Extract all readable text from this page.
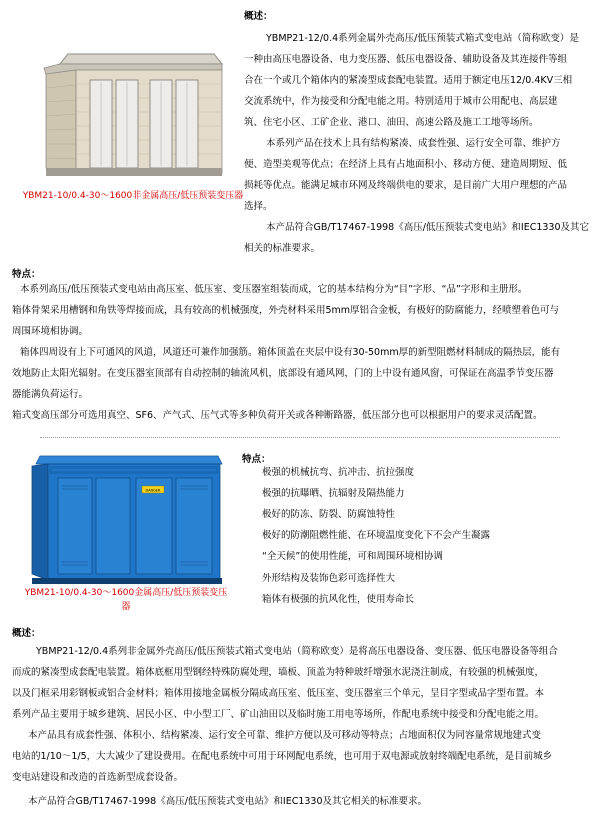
YBM21-10/0.4-30～1600非金属高压/低压预装变压器
概述：
YBMP21-12/0.4系列金属外壳高压/低压预装式箱式变电站（简称欧变）是
一种由高压电器设备、电力变压器、低压电器设备、辅助设备及其连接件等组
合在一个或几个箱体内的紧凑型成套配电装置。适用于额定电压12/0.4KV三相
交流系统中，作为接受和分配电能之用。特别适用于城市公用配电、高层建
筑、住宅小区、工矿企业、港口、油田、高速公路及施工工地等场所。
本系列产品在技术上具有结构紧凑、成套性强、运行安全可靠、维护方
便、造型美观等优点；在经济上具有占地面积小、移动方便、建造周期短、低
损耗等优点。能满足城市环网及终端供电的要求，是目前广大用户理想的产品
选择。
本产品符合GB/T17467-1998《高压/低压预装式变电站》和IEC1330及其它
相关的标准要求。
特点：
本系列高压/低压预装式变电站由高压室、低压室、变压器室组装而成，它的基本结构分为“目”字形、“品”字形和主册形。
箱体骨架采用槽钢和角铁等焊接而成，具有较高的机械强度，外壳材料采用5mm厚铝合金板，有极好的防腐能力，经喷塑着色可与
周围环境相协调。
箱体四周设有上下可通风的风道，风道还可兼作加强筋。箱体顶盖在夹层中设有30-50mm厚的新型阻燃材料制成的隔热层，能有
效地防止太阳光辐射。在变压器室顶部有自动控制的轴流风机，底部设有通风网，门的上中设有通风窗，可保证在高温季节变压器
器能满负荷运行。
箱式变高压部分可选用真空、SF6、产气式、压气式等多种负荷开关或各种断路器，低压部分也可以根据用户的要求灵活配置。
DANGER
YBM21-10/0.4-30～1600金属高压/低压预装变压
器
特点：
极强的机械抗弯、抗冲击、抗拉强度
极强的抗曝晒、抗辐射及隔热能力
极好的防冻、防裂、防腐蚀特性
极好的防潮阻燃性能、在环境温度变化下不会产生凝露
“全天候”的使用性能，可和周围环境相协调
外形结构及装饰色彩可选择性大
箱体有极强的抗风化性，使用寿命长
概述：
YBMP21-12/0.4系列非金属外壳高压/低压预装式箱式变电站（简称欧变）是将高压电器设备、变压器、低压电器设备等组合
而成的紧凑型成套配电装置。箱体底框用型钢经特殊防腐处理，墙板、顶盖为特种玻纤增强水泥浇注制成，有较强的机械强度，
以及门框采用彩钢板或铝合金材料；箱体用接地金属板分隔成高压室、低压室、变压器室三个单元，呈目字型或品字型布置。本
系列产品主要用于城乡建筑、居民小区、中小型工厂、矿山油田以及临时施工用电等场所，作配电系统中接受和分配电能之用。
本产品具有成套性强、体积小、结构紧凑、运行安全可靠、维护方便以及可移动等特点；占地面积仅为同容量常规地建式变
电站的1/10～1/5，大大减少了建设费用。在配电系统中可用于环网配电系统，也可用于双电源或放射终端配电系统，是目前城乡
变电站建设和改造的首选新型成套设备。
本产品符合GB/T17467-1998《高压/低压预装式变电站》和IEC1330及其它相关的标准要求。
